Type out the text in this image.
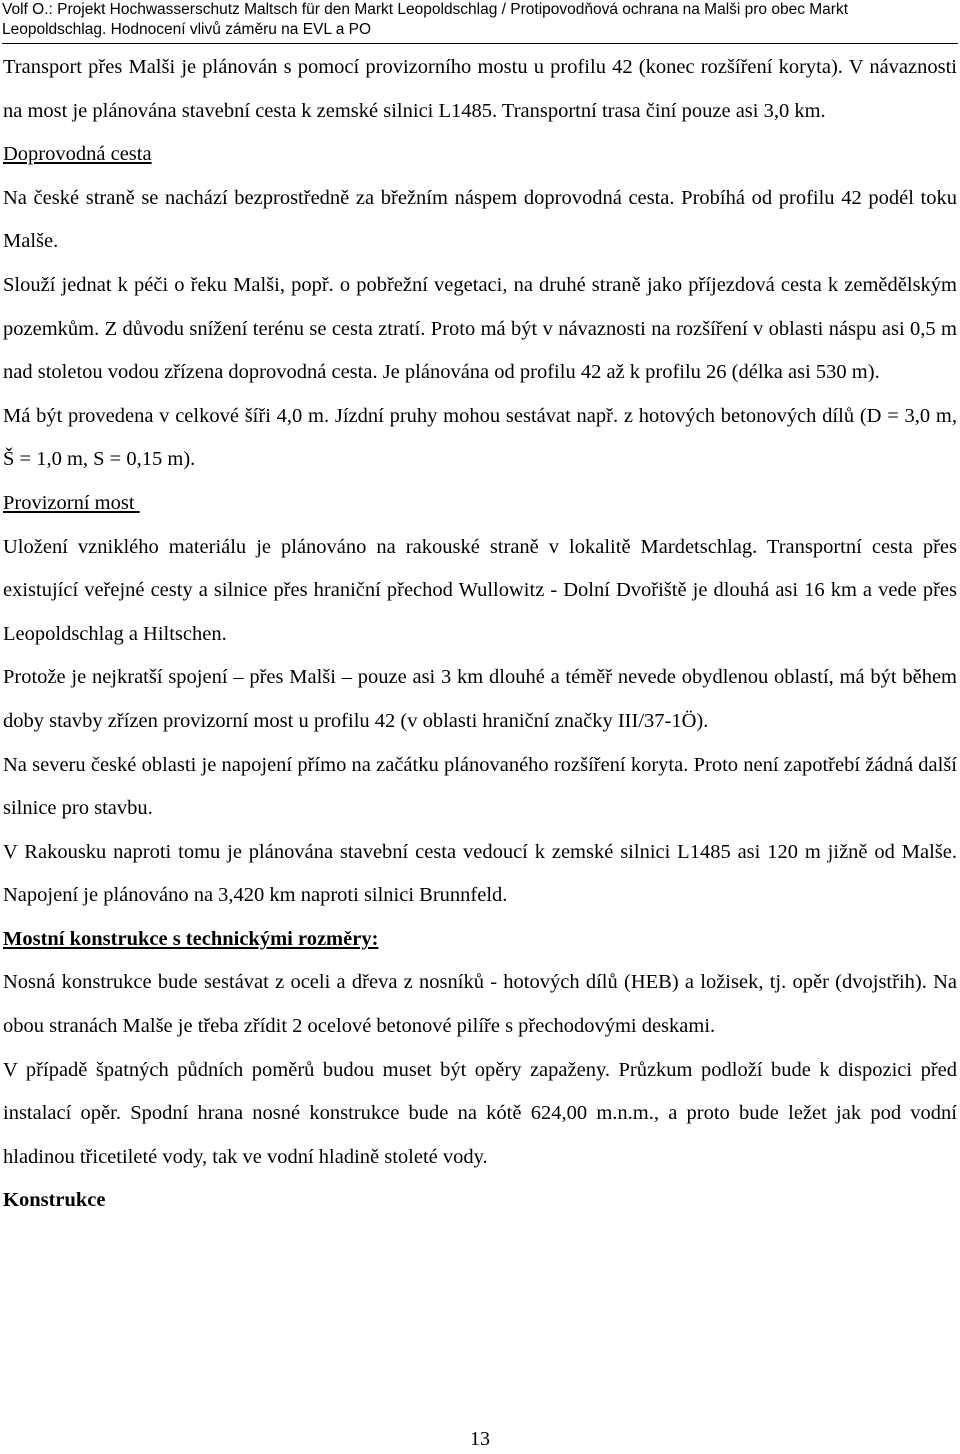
Volf O.: Projekt Hochwasserschutz Maltsch für den Markt Leopoldschlag / Protipovodňová ochrana na Malši pro obec Markt
Leopoldschlag. Hodnocení vlivů záměru na EVL a PO

Transport přes Malši je plánován s pomocí provizorního mostu u profilu 42 (konec rozšíření koryta). V návaznosti na most je plánována stavební cesta k zemské silnici L1485. Transportní trasa činí pouze asi 3,0 km.

Doprovodná cesta

Na české straně se nachází bezprostředně za břežním náspem doprovodná cesta. Probíhá od profilu 42 podél toku Malše.

Slouží jednat k péči o řeku Malši, popř. o pobřežní vegetaci, na druhé straně jako příjezdová cesta k zemědělským pozemkům. Z důvodu snížení terénu se cesta ztratí. Proto má být v návaznosti na rozšíření v oblasti náspu asi 0,5 m nad stoletou vodou zřízena doprovodná cesta. Je plánována od profilu 42 až k profilu 26 (délka asi 530 m).

Má být provedena v celkové šíři 4,0 m. Jízdní pruhy mohou sestávat např. z hotových betonových dílů (D = 3,0 m, Š = 1,0 m, S = 0,15 m).

Provizorní most

Uložení vzniklého materiálu je plánováno na rakouské straně v lokalitě Mardetschlag. Transportní cesta přes existující veřejné cesty a silnice přes hraniční přechod Wullowitz - Dolní Dvořiště je dlouhá asi 16 km a vede přes Leopoldschlag a Hiltschen.

Protože je nejkratší spojení – přes Malši – pouze asi 3 km dlouhé a téměř nevede obydlenou oblastí, má být během doby stavby zřízen provizorní most u profilu 42 (v oblasti hraniční značky III/37-1Ö).

Na severu české oblasti je napojení přímo na začátku plánovaného rozšíření koryta. Proto není zapotřebí žádná další silnice pro stavbu.

V Rakousku naproti tomu je plánována stavební cesta vedoucí k zemské silnici L1485 asi 120 m jižně od Malše. Napojení je plánováno na 3,420 km naproti silnici Brunnfeld.

Mostní konstrukce s technickými rozměry:

Nosná konstrukce bude sestávat z oceli a dřeva z nosníků - hotových dílů (HEB) a ložisek, tj. opěr (dvojstřih). Na obou stranách Malše je třeba zřídit 2 ocelové betonové pilíře s přechodovými deskami.

V případě špatných půdních poměrů budou muset být opěry zapaženy. Průzkum podloží bude k dispozici před instalací opěr. Spodní hrana nosné konstrukce bude na kótě 624,00 m.n.m., a proto bude ležet jak pod vodní hladinou třicetileté vody, tak ve vodní hladině stoleté vody.

Konstrukce
13
